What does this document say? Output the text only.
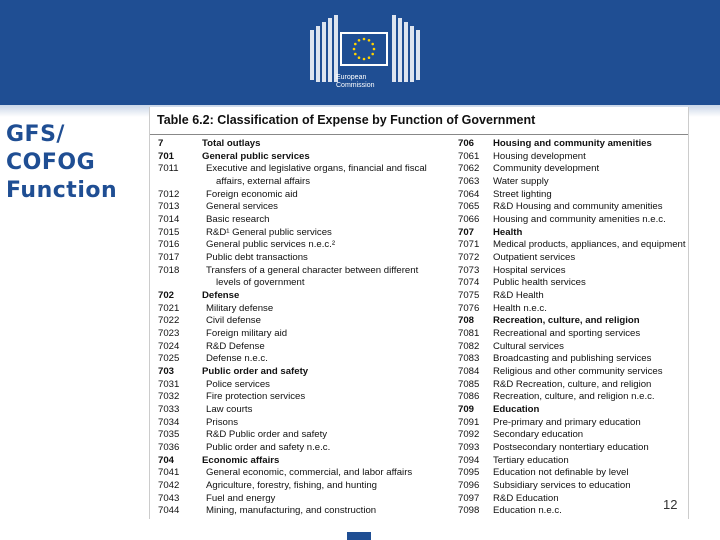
European
Commission
GFS/
COFOG
Function
Table 6.2: Classification of Expense by Function of Government
7	Total outlays
701	General public services
7011	Executive and legislative organs, financial and fiscal
affairs, external affairs
7012	Foreign economic aid
7013	General services
7014	Basic research
7015	R&D¹ General public services
7016	General public services n.e.c.²
7017	Public debt transactions
7018	Transfers of a general character between different
levels of government
702	Defense
7021	Military defense
7022	Civil defense
7023	Foreign military aid
7024	R&D Defense
7025	Defense n.e.c.
703	Public order and safety
7031	Police services
7032	Fire protection services
7033	Law courts
7034	Prisons
7035	R&D Public order and safety
7036	Public order and safety n.e.c.
704	Economic affairs
7041	General economic, commercial, and labor affairs
7042	Agriculture, forestry, fishing, and hunting
7043	Fuel and energy
7044	Mining, manufacturing, and construction
706 Housing and community amenities
7061 Housing development
7062 Community development
7063 Water supply
7064 Street lighting
7065 R&D Housing and community amenities
7066 Housing and community amenities n.e.c.
707 Health
7071 Medical products, appliances, and equipment
7072 Outpatient services
7073 Hospital services
7074 Public health services
7075 R&D Health
7076 Health n.e.c.
708 Recreation, culture, and religion
7081 Recreational and sporting services
7082 Cultural services
7083 Broadcasting and publishing services
7084 Religious and other community services
7085 R&D Recreation, culture, and religion
7086 Recreation, culture, and religion n.e.c.
709 Education
7091 Pre-primary and primary education
7092 Secondary education
7093 Postsecondary nontertiary education
7094 Tertiary education
7095 Education not definable by level
7096 Subsidiary services to education
7097 R&D Education
7098 Education n.e.c.	12
